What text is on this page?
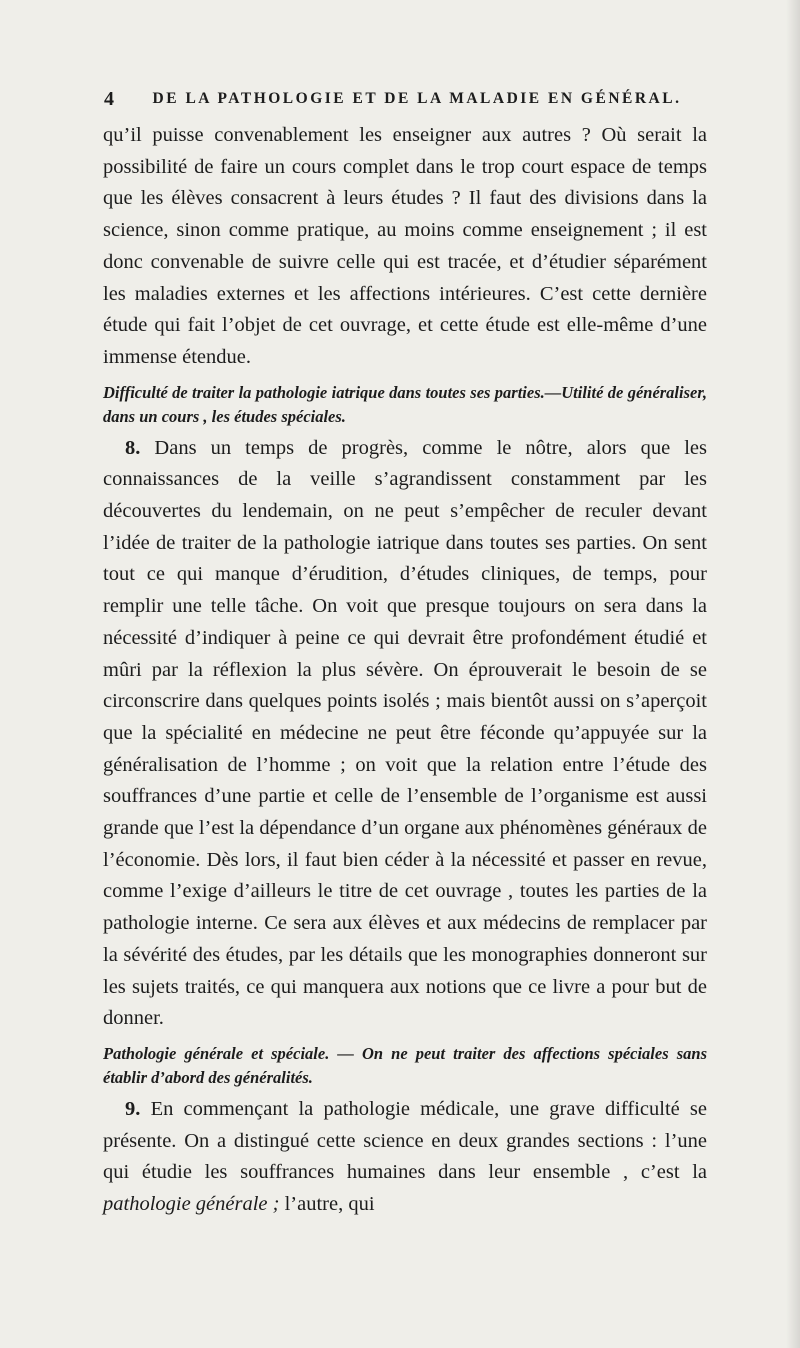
4	DE LA PATHOLOGIE ET DE LA MALADIE EN GÉNÉRAL.

qu’il puisse convenablement les enseigner aux autres ? Où serait la possibilité de faire un cours complet dans le trop court espace de temps que les élèves consacrent à leurs études ? Il faut des divisions dans la science, sinon comme pratique, au moins comme enseignement ; il est donc convenable de suivre celle qui est tracée, et d’étudier séparément les maladies externes et les affections intérieures. C’est cette dernière étude qui fait l’objet de cet ouvrage, et cette étude est elle-même d’une immense étendue.

Difficulté de traiter la pathologie iatrique dans toutes ses parties.—Utilité de généraliser, dans un cours , les études spéciales.

8. Dans un temps de progrès, comme le nôtre, alors que les connaissances de la veille s’agrandissent constamment par les découvertes du lendemain, on ne peut s’empêcher de reculer devant l’idée de traiter de la pathologie iatrique dans toutes ses parties. On sent tout ce qui manque d’érudition, d’études cliniques, de temps, pour remplir une telle tâche. On voit que presque toujours on sera dans la nécessité d’indiquer à peine ce qui devrait être profondément étudié et mûri par la réflexion la plus sévère. On éprouverait le besoin de se circonscrire dans quelques points isolés ; mais bientôt aussi on s’aperçoit que la spécialité en médecine ne peut être féconde qu’appuyée sur la généralisation de l’homme ; on voit que la relation entre l’étude des souffrances d’une partie et celle de l’ensemble de l’organisme est aussi grande que l’est la dépendance d’un organe aux phénomènes généraux de l’économie. Dès lors, il faut bien céder à la nécessité et passer en revue, comme l’exige d’ailleurs le titre de cet ouvrage , toutes les parties de la pathologie interne. Ce sera aux élèves et aux médecins de remplacer par la sévérité des études, par les détails que les monographies donneront sur les sujets traités, ce qui manquera aux notions que ce livre a pour but de donner.

Pathologie générale et spéciale. — On ne peut traiter des affections spéciales sans établir d’abord des généralités.

9. En commençant la pathologie médicale, une grave difficulté se présente. On a distingué cette science en deux grandes sections : l’une qui étudie les souffrances humaines dans leur ensemble , c’est la pathologie générale ; l’autre, qui
